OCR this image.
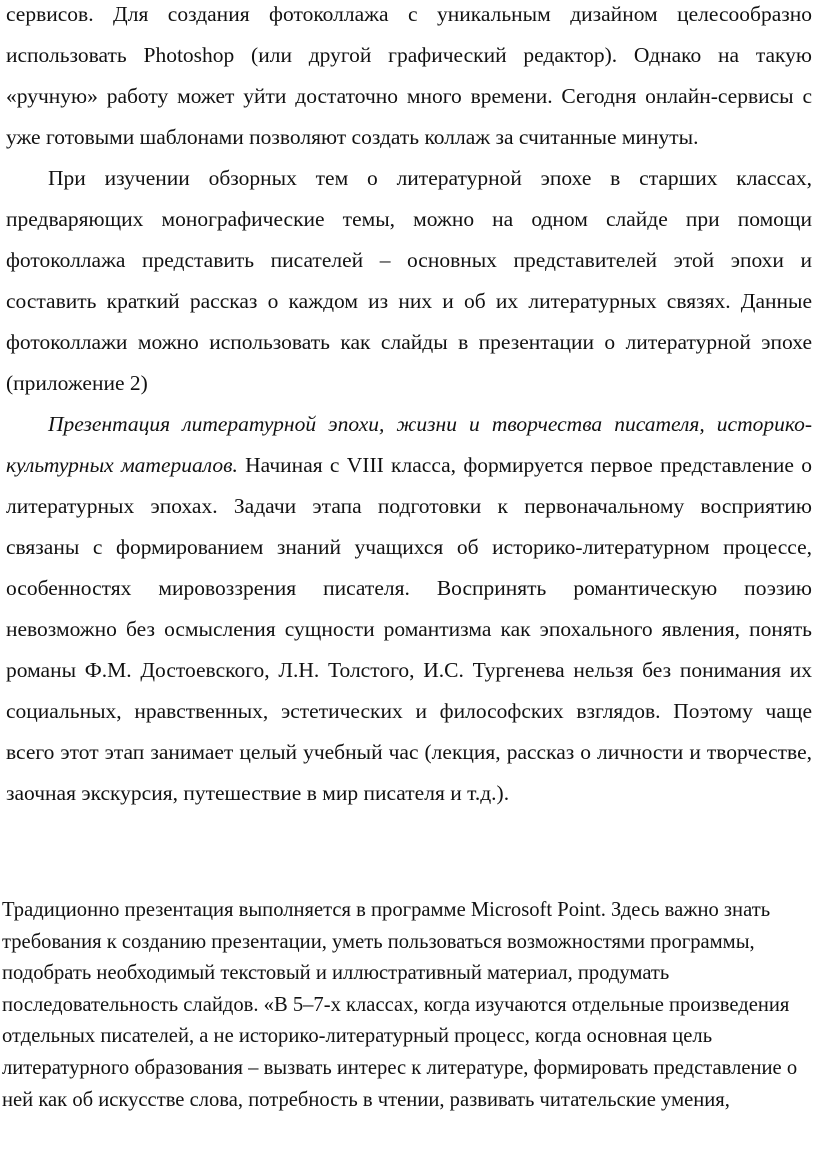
сервисов. Для создания фотоколлажа с уникальным дизайном целесообразно использовать Photoshop (или другой графический редактор). Однако на такую «ручную» работу может уйти достаточно много времени. Сегодня онлайн-сервисы с уже готовыми шаблонами позволяют создать коллаж за считанные минуты.

При изучении обзорных тем о литературной эпохе в старших классах, предваряющих монографические темы, можно на одном слайде при помощи фотоколлажа представить писателей – основных представителей этой эпохи и составить краткий рассказ о каждом из них и об их литературных связях. Данные фотоколлажи можно использовать как слайды в презентации о литературной эпохе (приложение 2)

Презентация литературной эпохи, жизни и творчества писателя, историко-культурных материалов. Начиная с VIII класса, формируется первое представление о литературных эпохах. Задачи этапа подготовки к первоначальному восприятию связаны с формированием знаний учащихся об историко-литературном процессе, особенностях мировоззрения писателя. Воспринять романтическую поэзию невозможно без осмысления сущности романтизма как эпохального явления, понять романы Ф.М. Достоевского, Л.Н. Толстого, И.С. Тургенева нельзя без понимания их социальных, нравственных, эстетических и философских взглядов. Поэтому чаще всего этот этап занимает целый учебный час (лекция, рассказ о личности и творчестве, заочная экскурсия, путешествие в мир писателя и т.д.).

Традиционно презентация выполняется в программе Microsoft Point. Здесь важно знать требования к созданию презентации, уметь пользоваться возможностями программы, подобрать необходимый текстовый и иллюстративный материал, продумать последовательность слайдов. «В 5–7-х классах, когда изучаются отдельные произведения отдельных писателей, а не историко-литературный процесс, когда основная цель литературного образования – вызвать интерес к литературе, формировать представление о ней как об искусстве слова, потребность в чтении, развивать читательские умения,
